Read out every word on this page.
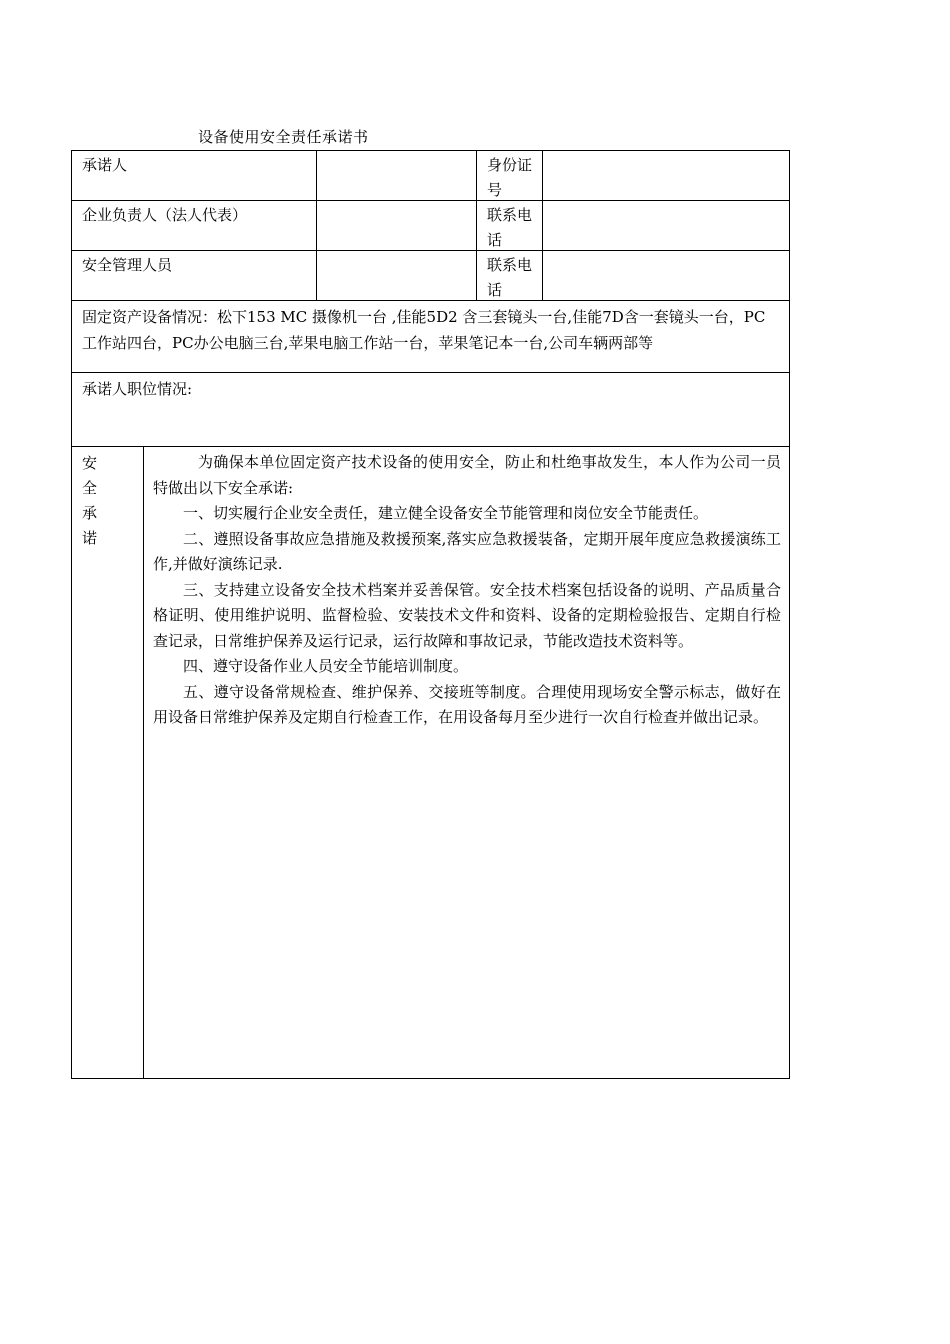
设备使用安全责任承诺书
承诺人	身份证号
企业负责人（法人代表）	联系电话
安全管理人员	联系电话
固定资产设备情况：松下153 MC 摄像机一台 ,佳能5D2 含三套镜头一台,佳能7D含一套镜头一台，PC 工作站四台，PC办公电脑三台,苹果电脑工作站一台，苹果笔记本一台,公司车辆两部等
承诺人职位情况:
安
全
承
诺

为确保本单位固定资产技术设备的使用安全，防止和杜绝事故发生，本人作为公司一员特做出以下安全承诺:

一、切实履行企业安全责任，建立健全设备安全节能管理和岗位安全节能责任。

二、遵照设备事故应急措施及救援预案,落实应急救援装备，定期开展年度应急救援演练工作,并做好演练记录.

三、支持建立设备安全技术档案并妥善保管。安全技术档案包括设备的说明、产品质量合格证明、使用维护说明、监督检验、安装技术文件和资料、设备的定期检验报告、定期自行检查记录，日常维护保养及运行记录，运行故障和事故记录，节能改造技术资料等。

四、遵守设备作业人员安全节能培训制度。

五、遵守设备常规检查、维护保养、交接班等制度。合理使用现场安全警示标志，做好在用设备日常维护保养及定期自行检查工作，在用设备每月至少进行一次自行检查并做出记录。
